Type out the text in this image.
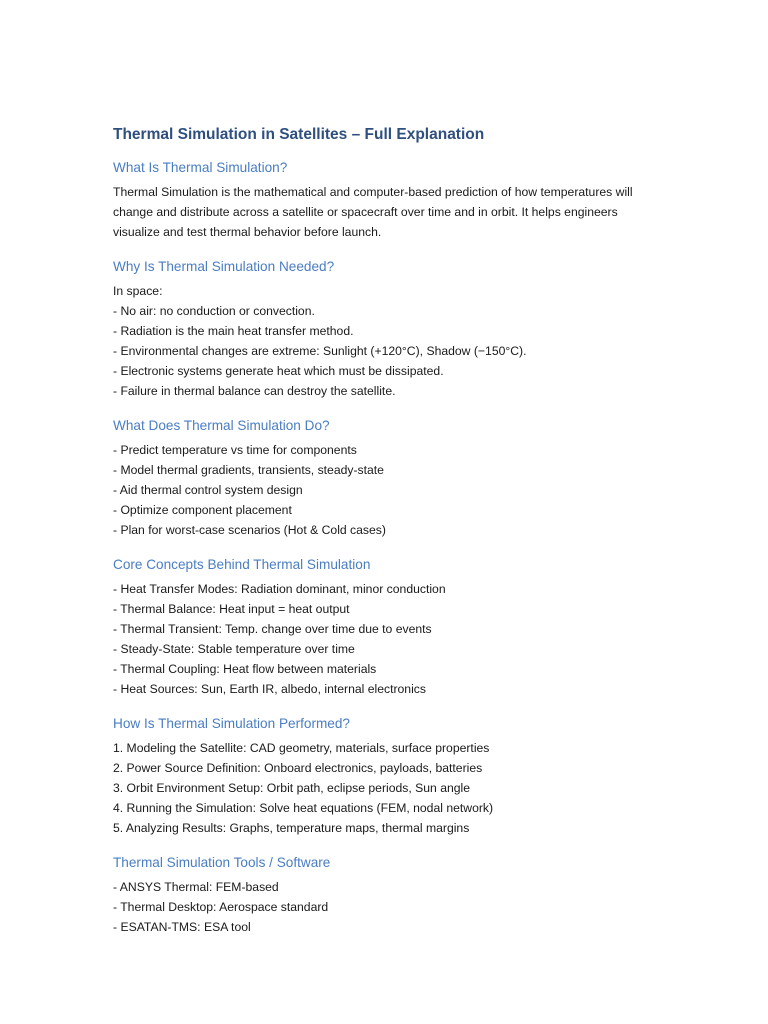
Thermal Simulation in Satellites – Full Explanation
What Is Thermal Simulation?

Thermal Simulation is the mathematical and computer-based prediction of how temperatures will change and distribute across a satellite or spacecraft over time and in orbit. It helps engineers visualize and test thermal behavior before launch.

Why Is Thermal Simulation Needed?
In space:
- No air: no conduction or convection.
- Radiation is the main heat transfer method.
- Environmental changes are extreme: Sunlight (+120°C), Shadow (−150°C).
- Electronic systems generate heat which must be dissipated.
- Failure in thermal balance can destroy the satellite.
What Does Thermal Simulation Do?
- Predict temperature vs time for components
- Model thermal gradients, transients, steady-state
- Aid thermal control system design
- Optimize component placement
- Plan for worst-case scenarios (Hot & Cold cases)
Core Concepts Behind Thermal Simulation
- Heat Transfer Modes: Radiation dominant, minor conduction
- Thermal Balance: Heat input = heat output
- Thermal Transient: Temp. change over time due to events
- Steady-State: Stable temperature over time
- Thermal Coupling: Heat flow between materials
- Heat Sources: Sun, Earth IR, albedo, internal electronics
How Is Thermal Simulation Performed?
1. Modeling the Satellite: CAD geometry, materials, surface properties
2. Power Source Definition: Onboard electronics, payloads, batteries
3. Orbit Environment Setup: Orbit path, eclipse periods, Sun angle
4. Running the Simulation: Solve heat equations (FEM, nodal network)
5. Analyzing Results: Graphs, temperature maps, thermal margins
Thermal Simulation Tools / Software
- ANSYS Thermal: FEM-based
- Thermal Desktop: Aerospace standard
- ESATAN-TMS: ESA tool
